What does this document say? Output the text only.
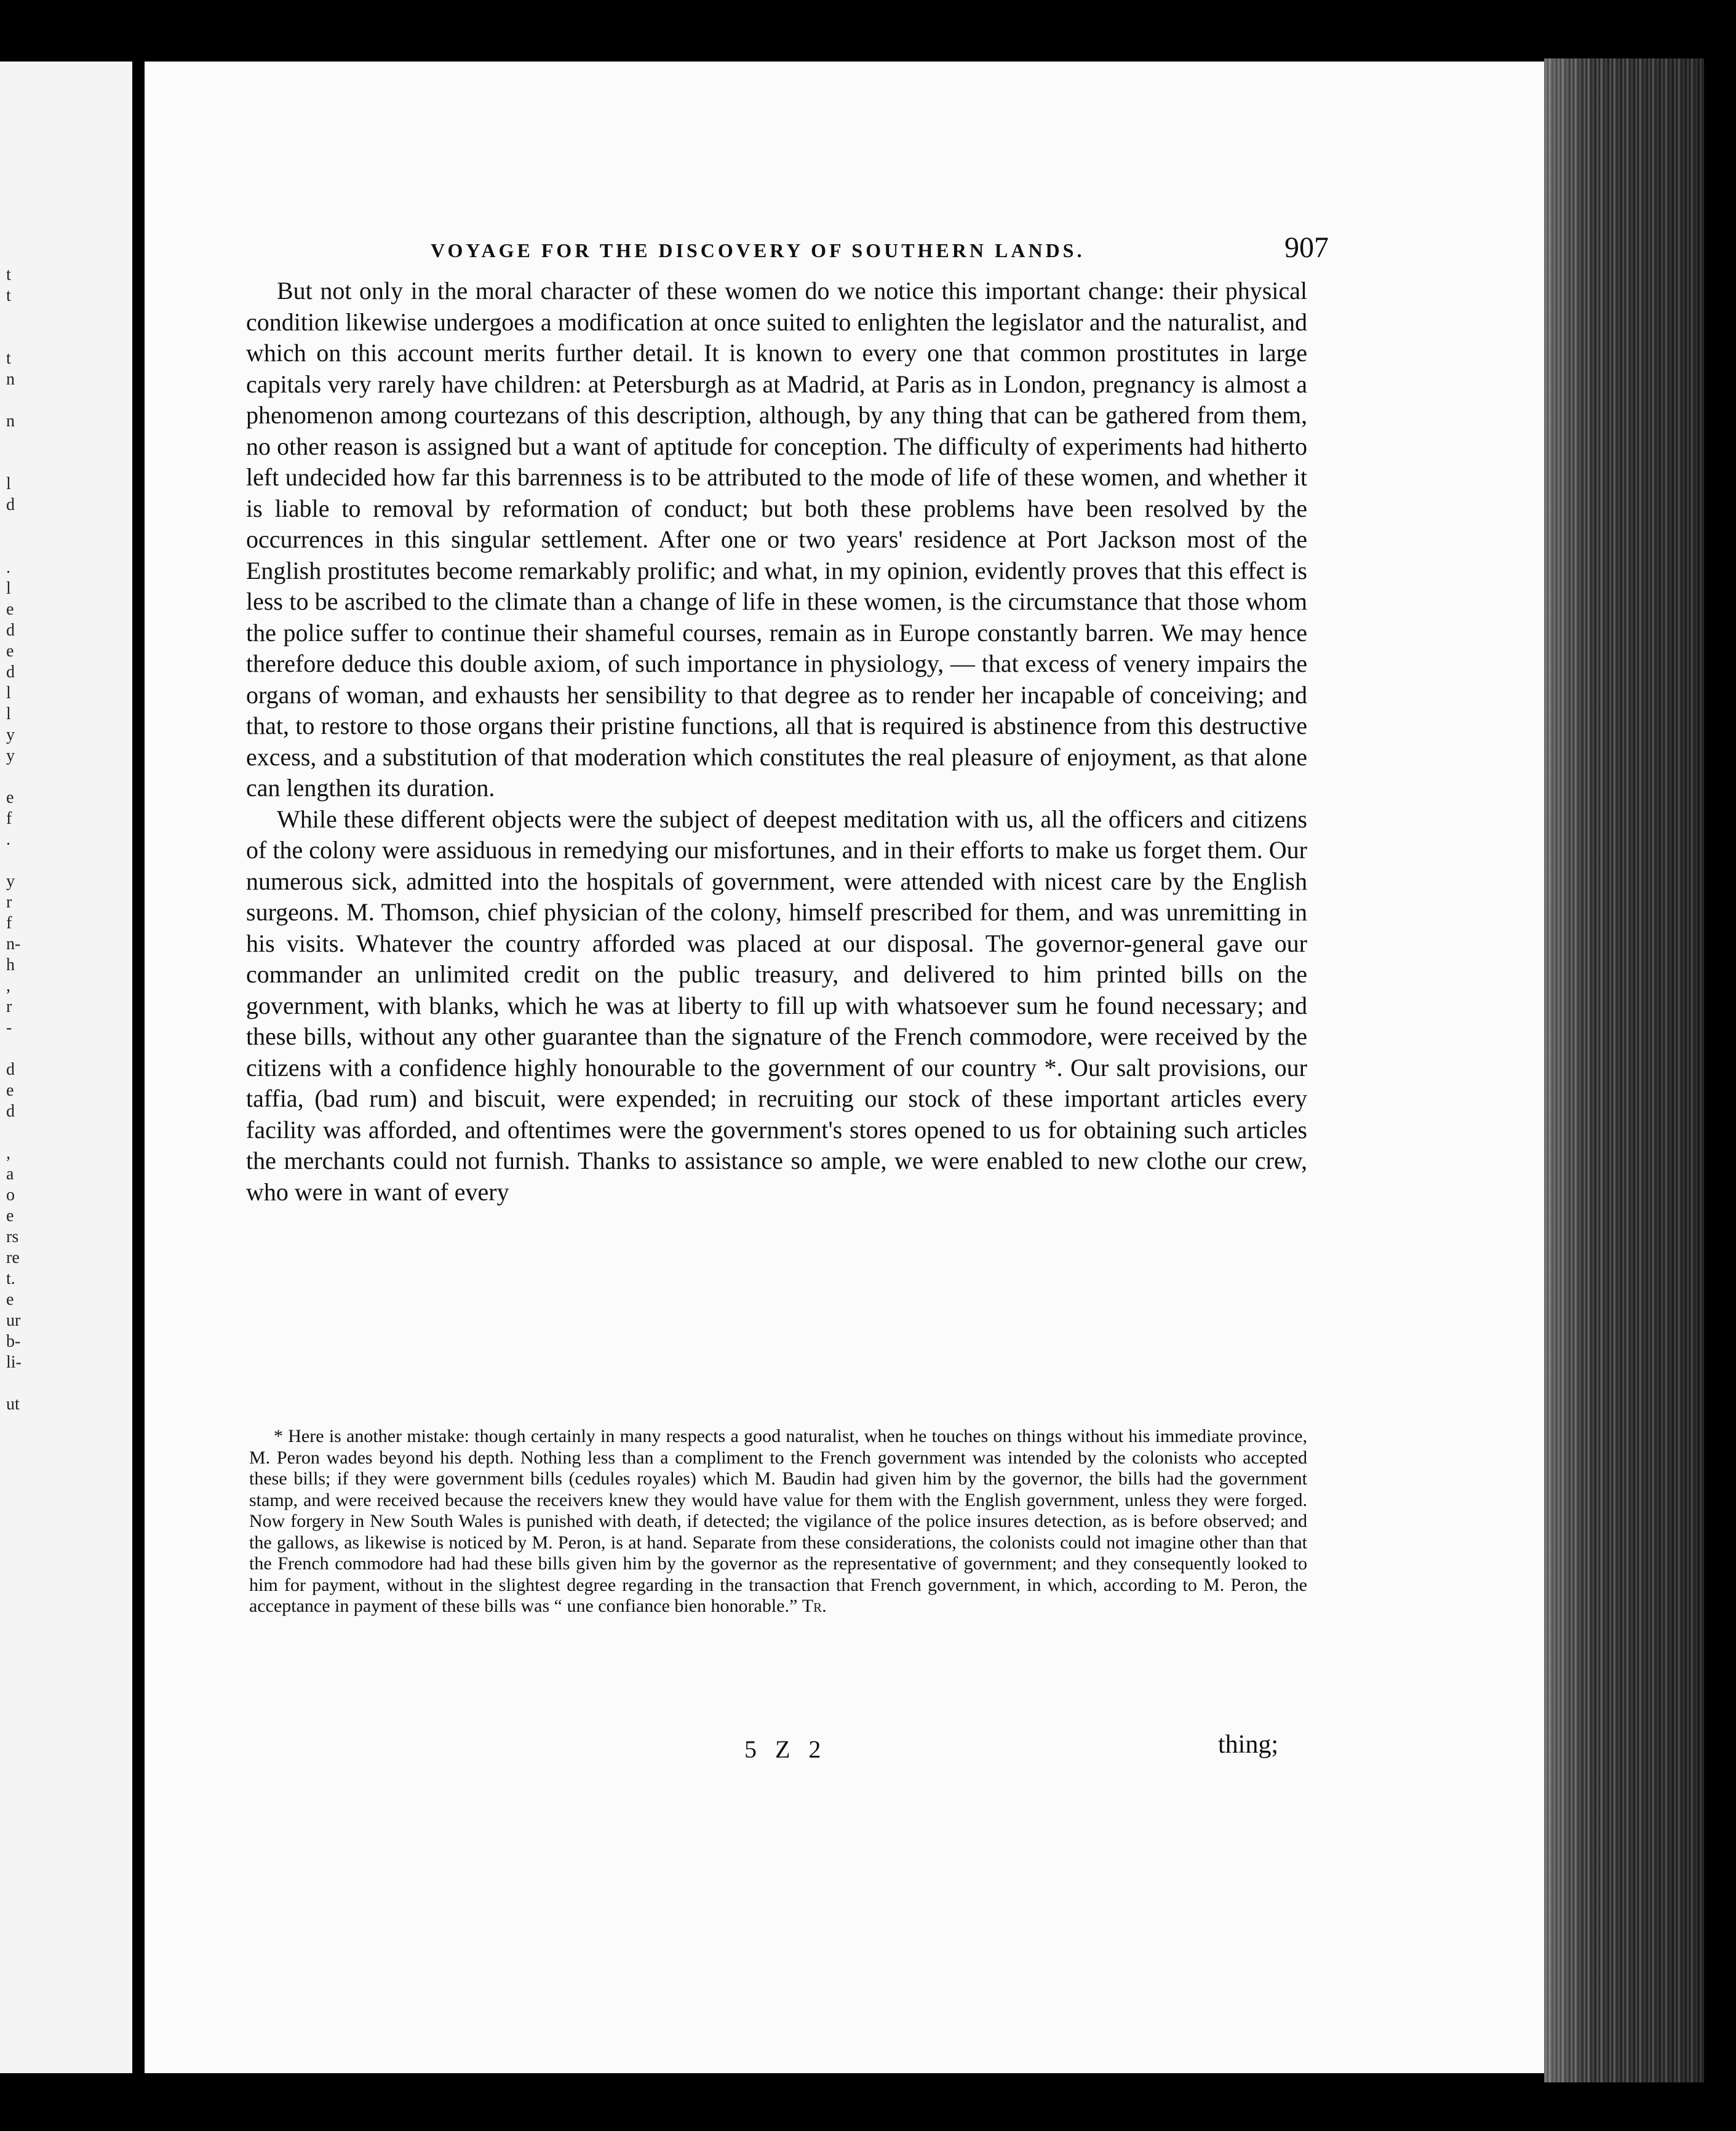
t
t

t
n

n

l
d

.
l
e
d
e
d
l
l
y
y

e
f
.

y
r
f
n-
h
,
r
-

d
e
d

,
a
o
e
rs
re
t.
e
ur
b-
li-

ut
VOYAGE FOR THE DISCOVERY OF SOUTHERN LANDS.	907

But not only in the moral character of these women do we notice this important change: their physical condition likewise undergoes a modification at once suited to enlighten the legislator and the naturalist, and which on this account merits further detail. It is known to every one that common prostitutes in large capitals very rarely have children: at Petersburgh as at Madrid, at Paris as in London, pregnancy is almost a phenomenon among courtezans of this description, although, by any thing that can be gathered from them, no other reason is assigned but a want of aptitude for conception. The difficulty of experiments had hitherto left undecided how far this barrenness is to be attributed to the mode of life of these women, and whether it is liable to removal by reformation of conduct; but both these problems have been resolved by the occurrences in this singular settlement. After one or two years' residence at Port Jackson most of the English prostitutes become remarkably prolific; and what, in my opinion, evidently proves that this effect is less to be ascribed to the climate than a change of life in these women, is the circumstance that those whom the police suffer to continue their shameful courses, remain as in Europe constantly barren. We may hence therefore deduce this double axiom, of such importance in physiology, — that excess of venery impairs the organs of woman, and exhausts her sensibility to that degree as to render her incapable of conceiving; and that, to restore to those organs their pristine functions, all that is required is abstinence from this destructive excess, and a substitution of that moderation which constitutes the real pleasure of enjoyment, as that alone can lengthen its duration.

While these different objects were the subject of deepest meditation with us, all the officers and citizens of the colony were assiduous in remedying our misfortunes, and in their efforts to make us forget them. Our numerous sick, admitted into the hospitals of government, were attended with nicest care by the English surgeons. M. Thomson, chief physician of the colony, himself prescribed for them, and was unremitting in his visits. Whatever the country afforded was placed at our disposal. The governor-general gave our commander an unlimited credit on the public treasury, and delivered to him printed bills on the government, with blanks, which he was at liberty to fill up with whatsoever sum he found necessary; and these bills, without any other guarantee than the signature of the French commodore, were received by the citizens with a confidence highly honourable to the government of our country *. Our salt provisions, our taffia, (bad rum) and biscuit, were expended; in recruiting our stock of these important articles every facility was afforded, and oftentimes were the government's stores opened to us for obtaining such articles the merchants could not furnish. Thanks to assistance so ample, we were enabled to new clothe our crew, who were in want of every

* Here is another mistake: though certainly in many respects a good naturalist, when he touches on things without his immediate province, M. Peron wades beyond his depth. Nothing less than a compliment to the French government was intended by the colonists who accepted these bills; if they were government bills (cedules royales) which M. Baudin had given him by the governor, the bills had the government stamp, and were received because the receivers knew they would have value for them with the English government, unless they were forged. Now forgery in New South Wales is punished with death, if detected; the vigilance of the police insures detection, as is before observed; and the gallows, as likewise is noticed by M. Peron, is at hand. Separate from these considerations, the colonists could not imagine other than that the French commodore had had these bills given him by the governor as the representative of government; and they consequently looked to him for payment, without in the slightest degree regarding in the transaction that French government, in which, according to M. Peron, the acceptance in payment of these bills was “ une confiance bien honorable.” Tr.
5 Z 2	thing;
